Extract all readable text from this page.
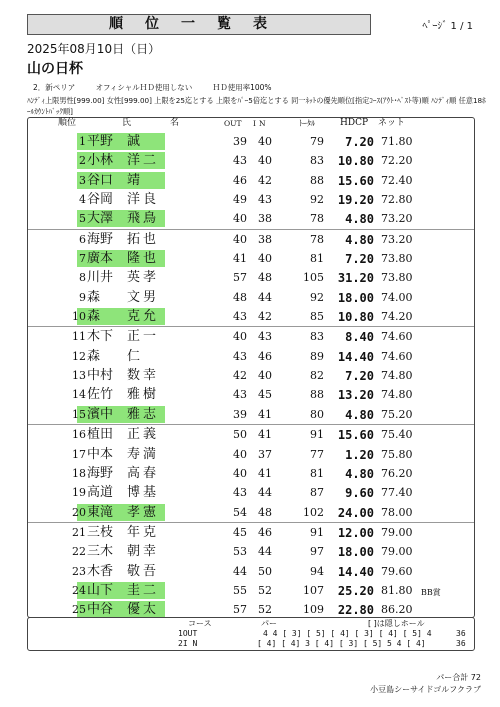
順位一覧表	ﾍﾟｰｼﾞ 1 / 1
2025年08月10日（日）
山の日杯
2．新ペリア	オフィシャルＨＤ使用しない	ＨＤ使用率100%
ﾊﾝﾃﾞｨ上限男性[999.00] 女性[999.00] 上限を25迄とする 上限をﾊﾟｰ5倍迄とする 同一ﾈｯﾄの優先順位[指定ｺｰｽ(ｱｳﾄ･ﾍﾞｽﾄ等)順 ﾊﾝﾃﾞｨ順 任意18ﾎｰﾙｶｳﾝﾄﾊﾞｯｸ順]
順位	氏	名	OUT IN	ﾄｰﾀﾙ	HDCP ネット
1 平野	誠	39	40	79	7.20 71.80
2 小林	洋二	43	40	83	10.80 72.20
3 谷口	靖	46	42	88	15.60 72.40
4 谷岡	洋良	49	43	92	19.20 72.80
5 大澤	飛鳥	40	38	78	4.80 73.20
6 海野	拓也	40	38	78	4.80 73.20
7 廣本	隆也	41	40	81	7.20 73.80
8 川井	英孝	57	48	105	31.20 73.80
9 森	文男	48	44	92	18.00 74.00
10 森	克允	43	42	85	10.80 74.20
11 木下	正一	40	43	83	8.40 74.60
12 森	仁	43	46	89	14.40 74.60
13 中村	数幸	42	40	82	7.20 74.80
14 佐竹	雅樹	43	45	88	13.20 74.80
15 濱中	雅志	39	41	80	4.80 75.20
16 植田	正義	50	41	91	15.60 75.40
17 中本	寿満	40	37	77	1.20 75.80
18 海野	高春	40	41	81	4.80 76.20
19 高道	博基	43	44	87	9.60 77.40
20 東滝	孝憲	54	48	102	24.00 78.00
21 三枝	年克	45	46	91	12.00 79.00
22 三木	朝幸	53	44	97	18.00 79.00
23 木香	敬吾	44	50	94	14.40 79.60
24 山下	圭二	55	52	107	25.20 81.80	BB賞
25 中谷	優太	57	52	109	22.80 86.20
コース	パー	[ ]は隠しホール
1OUT	4 4 [ 3] [ 5] [ 4] [ 3] [ 4] [ 5] 4	36
2I N	[ 4] [ 4] 3 [ 4] [ 3] [ 5] 5 4 [ 4]	36
パー合計 72
小豆島シーサイドゴルフクラブ
